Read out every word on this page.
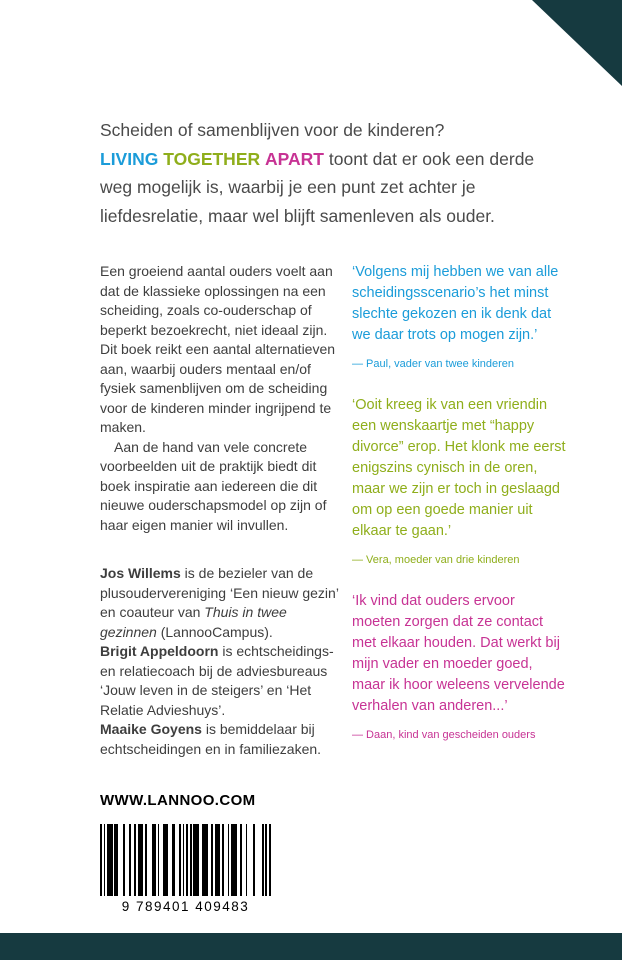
Scheiden of samenblijven voor de kinderen?
LIVING TOGETHER APART toont dat er ook een derde weg mogelijk is, waarbij je een punt zet achter je liefdesrelatie, maar wel blijft samenleven als ouder.

Een groeiend aantal ouders voelt aan dat de klassieke oplossingen na een scheiding, zoals co-ouderschap of beperkt bezoekrecht, niet ideaal zijn. Dit boek reikt een aantal alternatieven aan, waarbij ouders mentaal en/of fysiek samenblijven om de scheiding voor de kinderen minder ingrijpend te maken.

Aan de hand van vele concrete voorbeelden uit de praktijk biedt dit boek inspiratie aan iedereen die dit nieuwe ouderschapsmodel op zijn of haar eigen manier wil invullen.

Jos Willems is de bezieler van de plusoudervereniging ‘Een nieuw gezin’ en coauteur van Thuis in twee gezinnen (LannooCampus).

Brigit Appeldoorn is echtscheidings- en relatiecoach bij de adviesbureaus ‘Jouw leven in de steigers’ en ‘Het Relatie Advieshuys’.

Maaike Goyens is bemiddelaar bij echtscheidingen en in familiezaken.

‘Volgens mij hebben we van alle scheidingsscenario’s het minst slechte gekozen en ik denk dat we daar trots op mogen zijn.’

— Paul, vader van twee kinderen

‘Ooit kreeg ik van een vriendin een wenskaartje met “happy divorce” erop. Het klonk me eerst enigszins cynisch in de oren, maar we zijn er toch in geslaagd om op een goede manier uit elkaar te gaan.’

— Vera, moeder van drie kinderen

‘Ik vind dat ouders ervoor moeten zorgen dat ze contact met elkaar houden. Dat werkt bij mijn vader en moeder goed, maar ik hoor weleens vervelende verhalen van anderen...’

— Daan, kind van gescheiden ouders

WWW.LANNOO.COM
9 789401 409483
